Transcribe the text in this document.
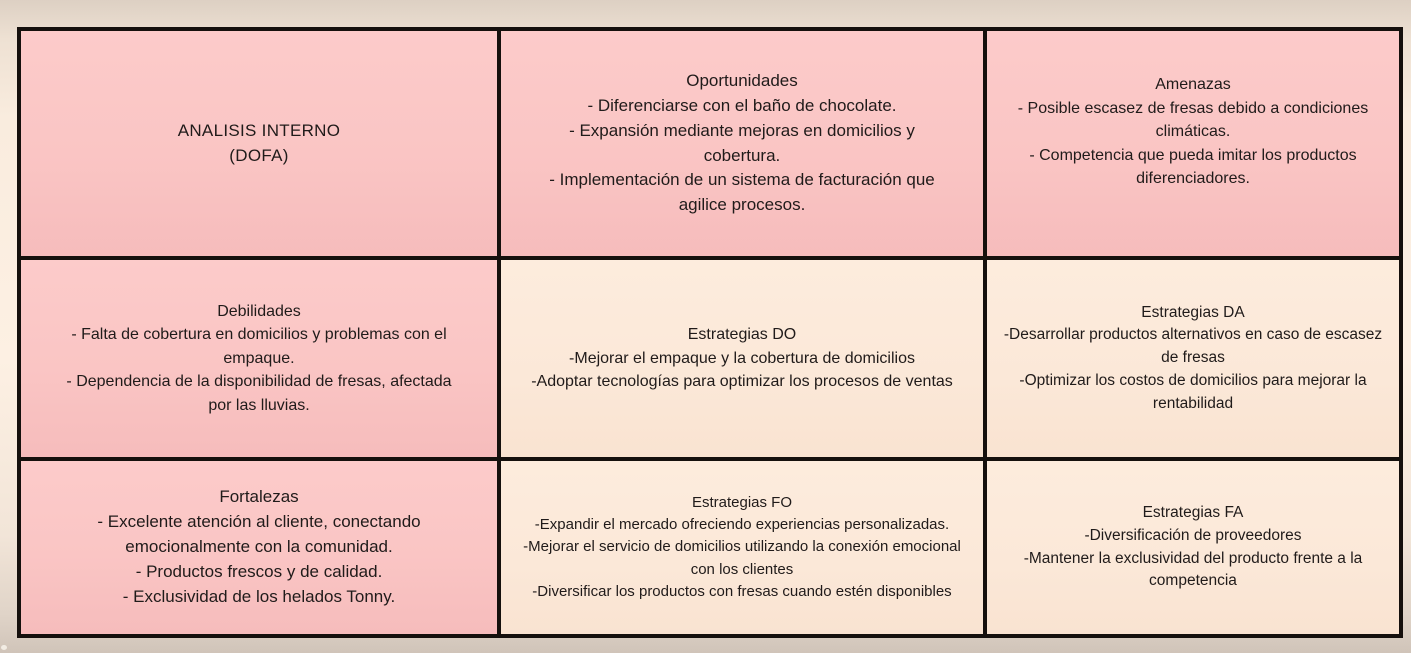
ANALISIS INTERNO
(DOFA)
Oportunidades
- Diferenciarse con el baño de chocolate.
- Expansión mediante mejoras en domicilios y cobertura.
- Implementación de un sistema de facturación que agilice procesos.
Amenazas
- Posible escasez de fresas debido a condiciones climáticas.
- Competencia que pueda imitar los productos diferenciadores.
Debilidades
- Falta de cobertura en domicilios y problemas con el empaque.
- Dependencia de la disponibilidad de fresas, afectada por las lluvias.
Estrategias DO
-Mejorar el empaque y la cobertura de domicilios
-Adoptar tecnologías para optimizar los procesos de ventas
Estrategias DA
-Desarrollar productos alternativos en caso de escasez de fresas
-Optimizar los costos de domicilios para mejorar la rentabilidad
Fortalezas
- Excelente atención al cliente, conectando emocionalmente con la comunidad.
- Productos frescos y de calidad.
- Exclusividad de los helados Tonny.
Estrategias FO
-Expandir el mercado ofreciendo experiencias personalizadas.
-Mejorar el servicio de domicilios utilizando la conexión emocional con los clientes
-Diversificar los productos con fresas cuando estén disponibles
Estrategias FA
-Diversificación de proveedores
-Mantener la exclusividad del producto frente a la competencia
